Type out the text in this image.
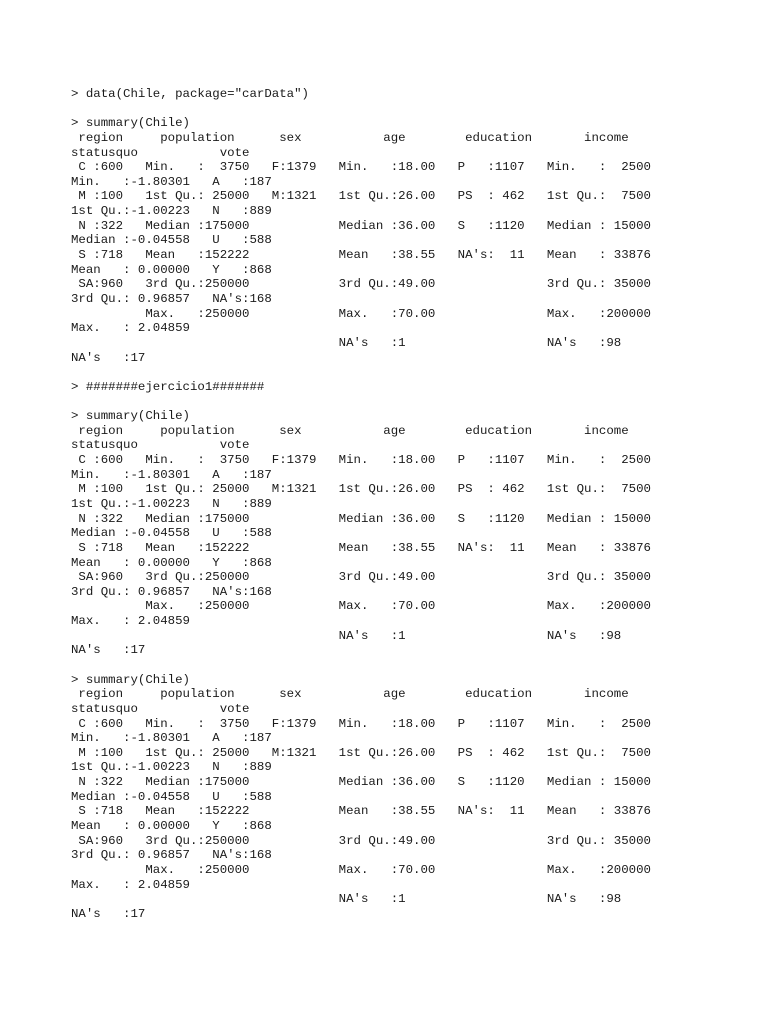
> data(Chile, package="carData")
> summary(Chile)
region     population      sex           age        education       income
statusquo           vote
C :600   Min.   :  3750   F:1379   Min.   :18.00   P   :1107   Min.   :  2500
Min.   :-1.80301   A   :187
M :100   1st Qu.: 25000   M:1321   1st Qu.:26.00   PS  : 462   1st Qu.:  7500
1st Qu.:-1.00223   N   :889
N :322   Median :175000            Median :36.00   S   :1120   Median : 15000
Median :-0.04558   U   :588
S :718   Mean   :152222            Mean   :38.55   NA's:  11   Mean   : 33876
Mean   : 0.00000   Y   :868
SA:960   3rd Qu.:250000            3rd Qu.:49.00               3rd Qu.: 35000
3rd Qu.: 0.96857   NA's:168
Max.   :250000            Max.   :70.00               Max.   :200000
Max.   : 2.04859
NA's   :1                   NA's   :98
NA's   :17
> #######ejercicio1#######
> summary(Chile)
region     population      sex           age        education       income
statusquo           vote
C :600   Min.   :  3750   F:1379   Min.   :18.00   P   :1107   Min.   :  2500
Min.   :-1.80301   A   :187
M :100   1st Qu.: 25000   M:1321   1st Qu.:26.00   PS  : 462   1st Qu.:  7500
1st Qu.:-1.00223   N   :889
N :322   Median :175000            Median :36.00   S   :1120   Median : 15000
Median :-0.04558   U   :588
S :718   Mean   :152222            Mean   :38.55   NA's:  11   Mean   : 33876
Mean   : 0.00000   Y   :868
SA:960   3rd Qu.:250000            3rd Qu.:49.00               3rd Qu.: 35000
3rd Qu.: 0.96857   NA's:168
Max.   :250000            Max.   :70.00               Max.   :200000
Max.   : 2.04859
NA's   :1                   NA's   :98
NA's   :17
> summary(Chile)
region     population      sex           age        education       income
statusquo           vote
C :600   Min.   :  3750   F:1379   Min.   :18.00   P   :1107   Min.   :  2500
Min.   :-1.80301   A   :187
M :100   1st Qu.: 25000   M:1321   1st Qu.:26.00   PS  : 462   1st Qu.:  7500
1st Qu.:-1.00223   N   :889
N :322   Median :175000            Median :36.00   S   :1120   Median : 15000
Median :-0.04558   U   :588
S :718   Mean   :152222            Mean   :38.55   NA's:  11   Mean   : 33876
Mean   : 0.00000   Y   :868
SA:960   3rd Qu.:250000            3rd Qu.:49.00               3rd Qu.: 35000
3rd Qu.: 0.96857   NA's:168
Max.   :250000            Max.   :70.00               Max.   :200000
Max.   : 2.04859
NA's   :1                   NA's   :98
NA's   :17
